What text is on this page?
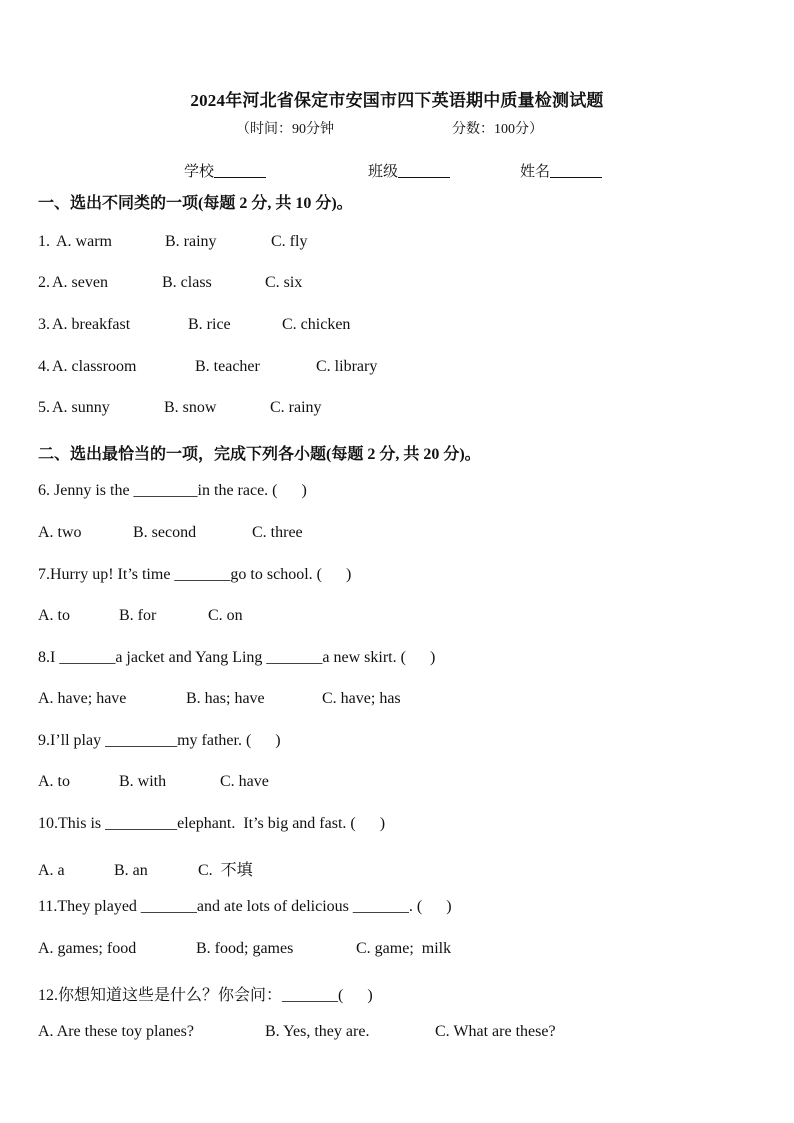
2024年河北省保定市安国市四下英语期中质量检测试题
（时间：90分钟	分数：100分）
学校	班级	姓名
一、选出不同类的一项(每题 2 分, 共 10 分)。
1. A. warm	B. rainy	C. fly
2. A. seven	B. class	C. six
3. A. breakfast	B. rice	C. chicken
4. A. classroom	B. teacher	C. library
5. A. sunny	B. snow	C. rainy
二、选出最恰当的一项，完成下列各小题(每题 2 分, 共 20 分)。
6. Jenny is the ________in the race. (      )
A. two	B. second	C. three
7.Hurry up! It’s time _______go to school. (      )
A. to	B. for	C. on
8.I _______a jacket and Yang Ling _______a new skirt. (      )
A. have; have	B. has; have	C. have; has
9.I’ll play _________my father. (      )
A. to	B. with	C. have
10.This is _________elephant.  It’s big and fast. (      )
A. a	B. an	C.  不填
11.They played _______and ate lots of delicious _______. (      )
A. games; food	B. food; games	C. game;  milk
12.你想知道这些是什么？你会问：_______(      )
A. Are these toy planes?	B. Yes, they are.	C. What are these?
